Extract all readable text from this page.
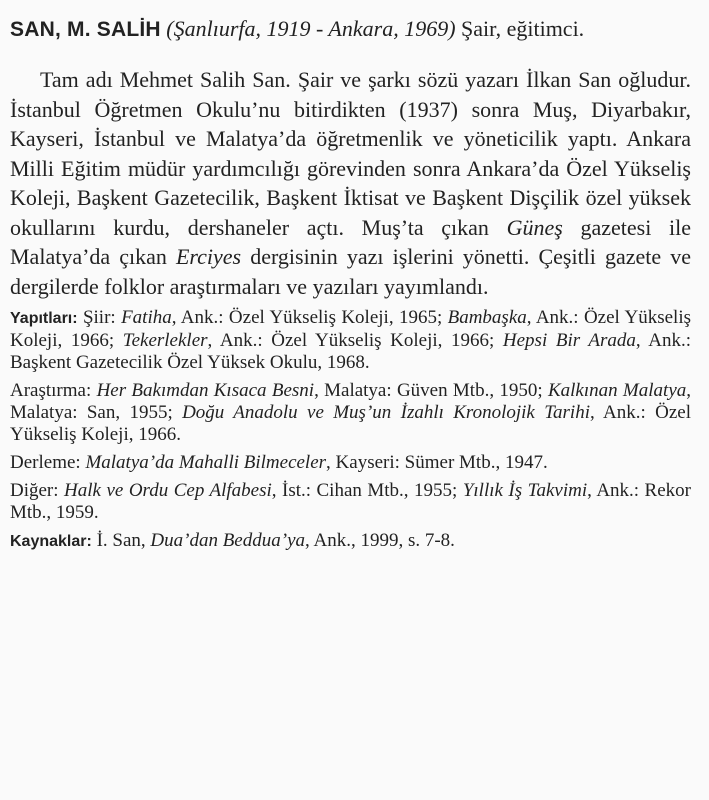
SAN, M. SALİH (Şanlıurfa, 1919 - Ankara, 1969) Şair, eğitimci.
Tam adı Mehmet Salih San. Şair ve şarkı sözü yazarı İlkan San oğludur. İstanbul Öğretmen Okulu’nu bitirdikten (1937) sonra Muş, Diyarbakır, Kayseri, İstanbul ve Malatya’da öğretmenlik ve yöneticilik yaptı. Ankara Milli Eğitim müdür yardımcılığı görevinden sonra Ankara’da Özel Yükseliş Koleji, Başkent Gazetecilik, Başkent İktisat ve Başkent Dişçilik özel yüksek okullarını kurdu, dershaneler açtı. Muş’ta çıkan Güneş gazetesi ile Malatya’da çıkan Erciyes dergisinin yazı işlerini yönetti. Çeşitli gazete ve dergilerde folklor araştırmaları ve yazıları yayımlandı.

Yapıtları: Şiir: Fatiha, Ank.: Özel Yükseliş Koleji, 1965; Bambaşka, Ank.: Özel Yükseliş Koleji, 1966; Tekerlekler, Ank.: Özel Yükseliş Koleji, 1966; Hepsi Bir Arada, Ank.: Başkent Gazetecilik Özel Yüksek Okulu, 1968.

Araştırma: Her Bakımdan Kısaca Besni, Malatya: Güven Mtb., 1950; Kalkınan Malatya, Malatya: San, 1955; Doğu Anadolu ve Muş’un İzahlı Kronolojik Tarihi, Ank.: Özel Yükseliş Koleji, 1966.

Derleme: Malatya’da Mahalli Bilmeceler, Kayseri: Sümer Mtb., 1947.

Diğer: Halk ve Ordu Cep Alfabesi, İst.: Cihan Mtb., 1955; Yıllık İş Takvimi, Ank.: Rekor Mtb., 1959.

Kaynaklar: İ. San, Dua’dan Beddua’ya, Ank., 1999, s. 7-8.
